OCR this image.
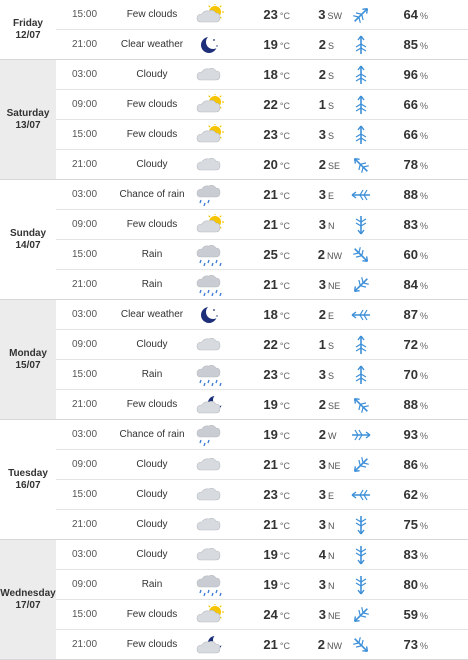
Friday
12/07
15:00	Few clouds	23 °C	3 SW	64 %
21:00	Clear weather	19 °C	2 S	85 %
Saturday
13/07
03:00	Cloudy	18 °C	2 S	96 %
09:00	Few clouds	22 °C	1 S	66 %
15:00	Few clouds	23 °C	3 S	66 %
21:00	Cloudy	20 °C	2 SE	78 %
Sunday
14/07
03:00	Chance of rain	21 °C	3 E	88 %
09:00	Few clouds	21 °C	3 N	83 %
15:00	Rain	25 °C	2 NW	60 %
21:00	Rain	21 °C	3 NE	84 %
Monday
15/07
03:00	Clear weather	18 °C	2 E	87 %
09:00	Cloudy	22 °C	1 S	72 %
15:00	Rain	23 °C	3 S	70 %
21:00	Few clouds	19 °C	2 SE	88 %
Tuesday
16/07
03:00	Chance of rain	19 °C	2 W	93 %
09:00	Cloudy	21 °C	3 NE	86 %
15:00	Cloudy	23 °C	3 E	62 %
21:00	Cloudy	21 °C	3 N	75 %
Wednesday
17/07
03:00	Cloudy	19 °C	4 N	83 %
09:00	Rain	19 °C	3 N	80 %
15:00	Few clouds	24 °C	3 NE	59 %
21:00	Few clouds	21 °C	2 NW	73 %
